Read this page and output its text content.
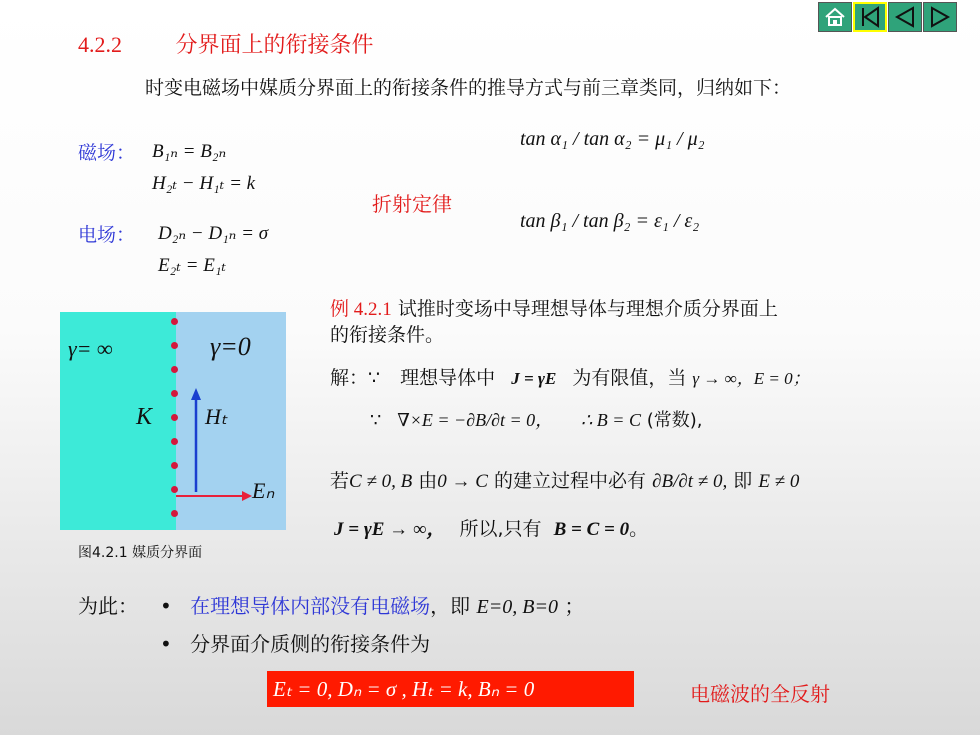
4.2.2 分界面上的衔接条件
时变电磁场中媒质分界面上的衔接条件的推导方式与前三章类同，归纳如下：
磁场： B₁ₙ = B₂ₙ
H₂ₜ − H₁ₜ = k
电场： D₂ₙ − D₁ₙ = σ
E₂ₜ = E₁ₜ
折射定律
tan α₁ / tan α₂ = μ₁ / μ₂
tan β₁ / tan β₂ = ε₁ / ε₂
γ= ∞	γ=0
K Hₜ
Eₙ
图4.2.1 媒质分界面
例 4.2.1 试推时变场中导理想导体与理想介质分界面上
的衔接条件。
解：∵ 理想导体中 J = γE 为有限值，当 γ → ∞，E = 0；
∵ ∇×E = −∂B/∂t = 0， ∴ B = C (常数),
若C ≠ 0, B 由0 → C 的建立过程中必有 ∂B/∂t ≠ 0, 即 E ≠ 0
J = γE → ∞， 所以,只有 B = C = 0。
为此： • 在理想导体内部没有电磁场，即 E=0, B=0 ；
• 分界面介质侧的衔接条件为
Eₜ = 0, Dₙ = σ , Hₜ = k, Bₙ = 0	电磁波的全反射
